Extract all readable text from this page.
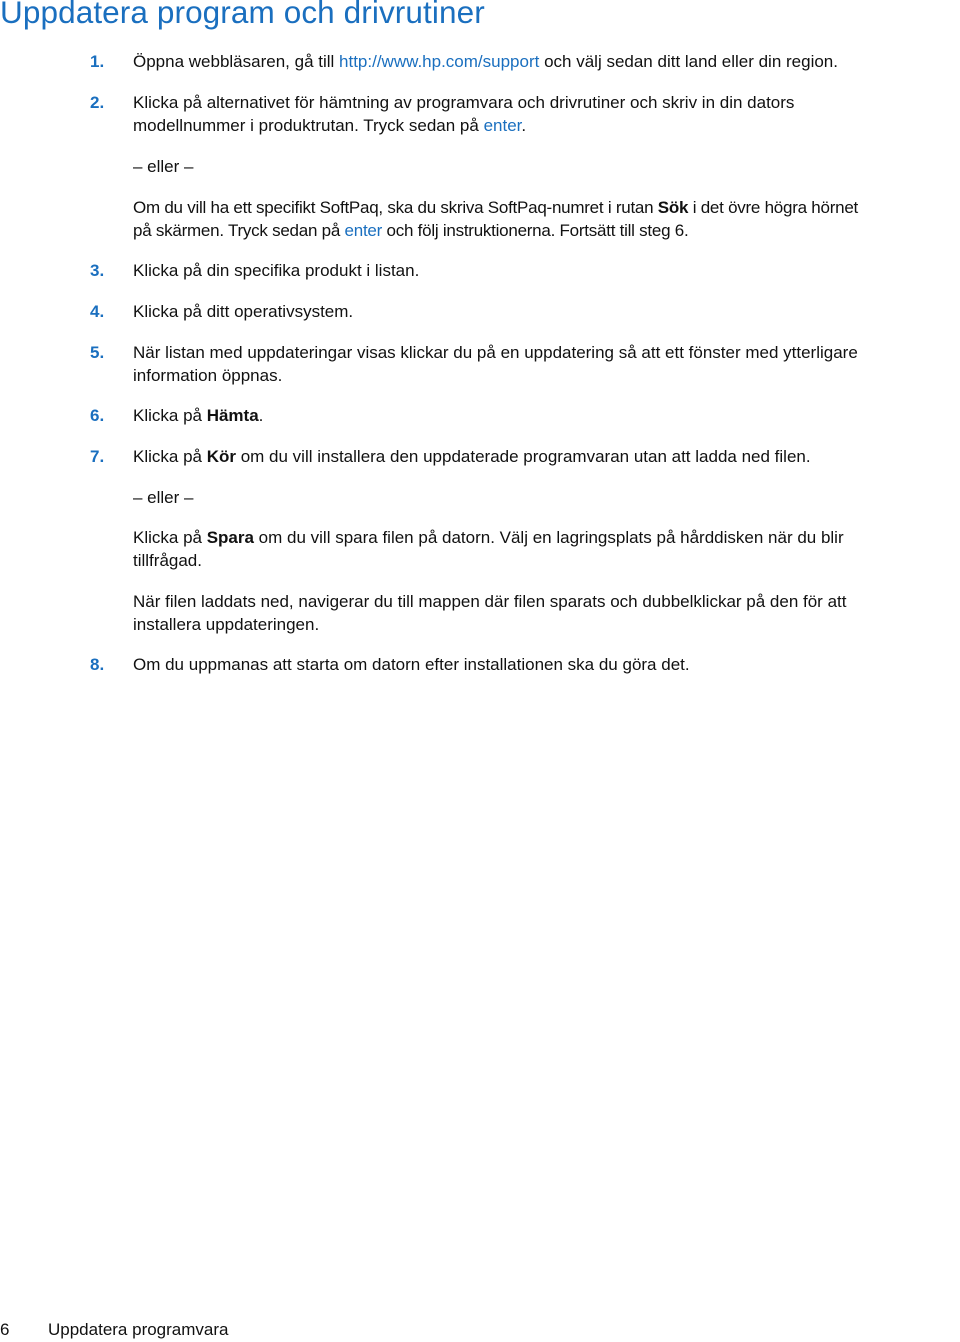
Uppdatera program och drivrutiner
1. Öppna webbläsaren, gå till http://www.hp.com/support och välj sedan ditt land eller din region.

2. Klicka på alternativet för hämtning av programvara och drivrutiner och skriv in din dators
modellnummer i produktrutan. Tryck sedan på enter.

– eller –

Om du vill ha ett specifikt SoftPaq, ska du skriva SoftPaq-numret i rutan Sök i det övre högra hörnet
på skärmen. Tryck sedan på enter och följ instruktionerna. Fortsätt till steg 6.

3. Klicka på din specifika produkt i listan.

4. Klicka på ditt operativsystem.

5. När listan med uppdateringar visas klickar du på en uppdatering så att ett fönster med ytterligare
information öppnas.

6. Klicka på Hämta.

7. Klicka på Kör om du vill installera den uppdaterade programvaran utan att ladda ned filen.

– eller –

Klicka på Spara om du vill spara filen på datorn. Välj en lagringsplats på hårddisken när du blir
tillfrågad.

När filen laddats ned, navigerar du till mappen där filen sparats och dubbelklickar på den för att
installera uppdateringen.

8. Om du uppmanas att starta om datorn efter installationen ska du göra det.

6 Uppdatera programvara
